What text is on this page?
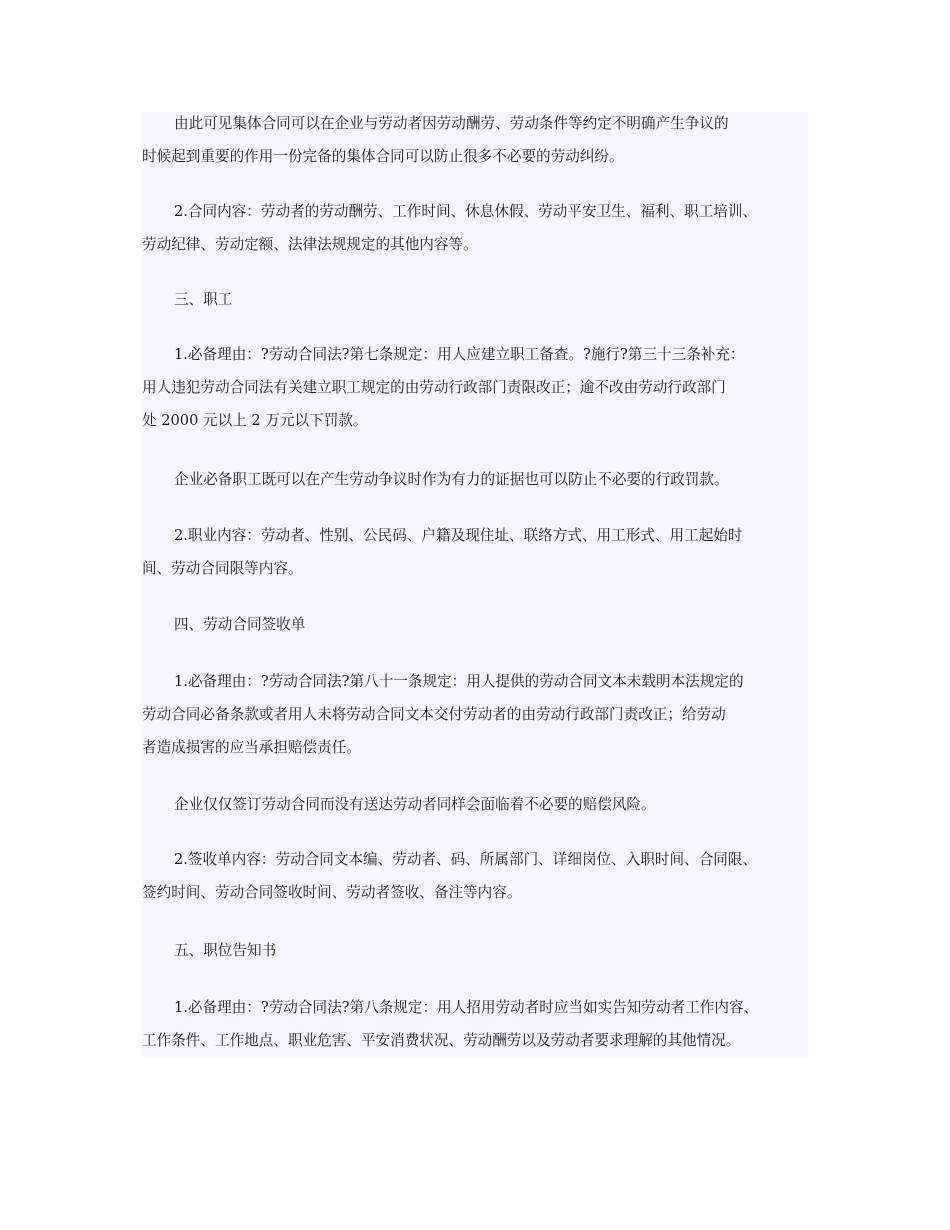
由此可见集体合同可以在企业与劳动者因劳动酬劳、劳动条件等约定不明确产生争议的
时候起到重要的作用一份完备的集体合同可以防止很多不必要的劳动纠纷。
2.合同内容：劳动者的劳动酬劳、工作时间、休息休假、劳动平安卫生、福利、职工培训、
劳动纪律、劳动定额、法律法规规定的其他内容等。
三、职工
1.必备理由：?劳动合同法?第七条规定：用人应建立职工备查。?施行?第三十三条补充：
用人违犯劳动合同法有关建立职工规定的由劳动行政部门责限改正；逾不改由劳动行政部门
处 2000 元以上 2 万元以下罚款。
企业必备职工既可以在产生劳动争议时作为有力的证据也可以防止不必要的行政罚款。
2.职业内容：劳动者、性别、公民码、户籍及现住址、联络方式、用工形式、用工起始时
间、劳动合同限等内容。
四、劳动合同签收单
1.必备理由：?劳动合同法?第八十一条规定：用人提供的劳动合同文本未载明本法规定的
劳动合同必备条款或者用人未将劳动合同文本交付劳动者的由劳动行政部门责改正；给劳动
者造成损害的应当承担赔偿责任。
企业仅仅签订劳动合同而没有送达劳动者同样会面临着不必要的赔偿风险。
2.签收单内容：劳动合同文本编、劳动者、码、所属部门、详细岗位、入职时间、合同限、
签约时间、劳动合同签收时间、劳动者签收、备注等内容。
五、职位告知书
1.必备理由：?劳动合同法?第八条规定：用人招用劳动者时应当如实告知劳动者工作内容、
工作条件、工作地点、职业危害、平安消费状况、劳动酬劳以及劳动者要求理解的其他情况。
